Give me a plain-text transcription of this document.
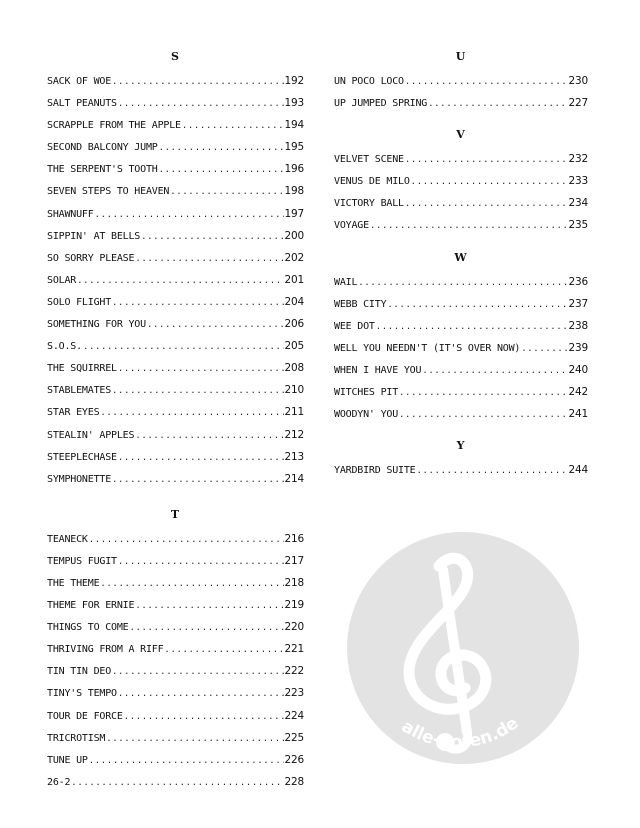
S
SACK OF WOE .....	192
SALT PEANUTS .....	193
SCRAPPLE FROM THE APPLE .....	194
SECOND BALCONY JUMP .....	195
THE SERPENT'S TOOTH .....	196
SEVEN STEPS TO HEAVEN .....	198
SHAWNUFF .....	197
SIPPIN' AT BELLS .....	200
SO SORRY PLEASE .....	202
SOLAR .....	201
SOLO FLIGHT .....	204
SOMETHING FOR YOU .....	206
S.O.S. .....	205
THE SQUIRREL .....	208
STABLEMATES .....	210
STAR EYES .....	211
STEALIN' APPLES .....	212
STEEPLECHASE .....	213
SYMPHONETTE .....	214
T
TEANECK .....	216
TEMPUS FUGIT .....	217
THE THEME .....	218
THEME FOR ERNIE .....	219
THINGS TO COME .....	220
THRIVING FROM A RIFF .....	221
TIN TIN DEO .....	222
TINY'S TEMPO .....	223
TOUR DE FORCE .....	224
TRICROTISM .....	225
TUNE UP .....	226
26-2 .....	228
U
UN POCO LOCO .....	230
UP JUMPED SPRING .....	227
V
VELVET SCENE .....	232
VENUS DE MILO .....	233
VICTORY BALL .....	234
VOYAGE .....	235
W
WAIL .....	236
WEBB CITY .....	237
WEE DOT .....	238
WELL YOU NEEDN'T (IT'S OVER NOW) .....	239
WHEN I HAVE YOU .....	240
WITCHES PIT .....	242
WOODYN' YOU .....	241
Y
YARDBIRD SUITE .....	244
alle-noten.de
